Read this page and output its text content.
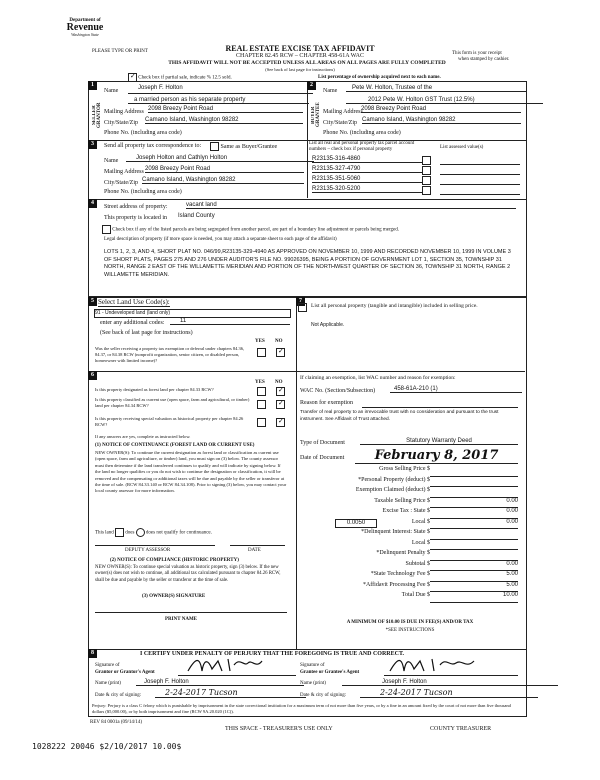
Department of
Revenue
Washington State
PLEASE TYPE OR PRINT	REAL ESTATE EXCISE TAX AFFIDAVIT
CHAPTER 82.45 RCW – CHAPTER 458-61A WAC
THIS AFFIDAVIT WILL NOT BE ACCEPTED UNLESS ALL AREAS ON ALL PAGES ARE FULLY COMPLETED
(See back of last page for instructions)
This form is your receipt
when stamped by cashier.
✓ Check box if partial sale, indicate % 12.5 sold.	List percentage of ownership acquired next to each name.
1
SELLER GRANTOR
Name	Joseph F. Holton
a married person as his separate property
Mailing Address 2098 Breezy Point Road
City/State/Zip Camano Island, Washington 98282
Phone No. (including area code)
2
BUYER GRANTEE
Name	Pete W. Holton, Trustee of the
2012 Pete W. Holton GST Trust (12.5%)
Mailing Address
2098 Breezy Point Road
City/State/Zip Camano Island, Washington 98282
Phone No. (including area code)
3	Send all property tax correspondence to:	Same as Buyer/Grantee
Name	Joseph Holton and Cathlyn Holton
Mailing Address 2098 Breezy Point Road
City/State/Zip Camano Island, Washington 98282
Phone No. (including area code)
List all real and personal property tax parcel account numbers – check box if personal property	List assessed value(s)
R23135-316-4860
R23135-327-4790
R23135-351-5060
R23135-320-5200
4
Street address of property:	vacant land
This property is located in Island County
Check box if any of the listed parcels are being segregated from another parcel, are part of a boundary line adjustment or parcels being merged.
Legal description of property (if more space is needed, you may attach a separate sheet to each page of the affidavit)
LOTS 1, 2, 3, AND 4, SHORT PLAT NO. 046/99,R23135-329-4940 AS APPROVED ON NOVEMBER 10, 1999 AND RECORDED NOVEMBER 10, 1999 IN VOLUME 3 OF SHORT PLATS, PAGES 275 AND 276 UNDER AUDITOR'S FILE NO. 99026395, BEING A PORTION OF GOVERNMENT LOT 1, SECTION 35, TOWNSHIP 31 NORTH, RANGE 2 EAST OF THE WILLAMETTE MERIDIAN AND PORTION OF THE NORTHWEST QUARTER OF SECTION 36, TOWNSHIP 31 NORTH, RANGE 2 WILLAMETTE MERIDIAN.
5 Select Land Use Code(s):
91 - Undeveloped land (land only)
enter any additional codes:	11
(See back of last page for instructions)
YES NO
Was the seller receiving a property tax exemption or deferral under chapters 84.36, 84.37, or 84.38 RCW (nonprofit organization, senior citizen, or disabled person, homeowner with limited income)?
✓
6
YES NO
Is this property designated as forest land per chapter 84.33 RCW?	✓
Is this property classified as current use (open space, farm and agricultural, or timber) land per chapter 84.34 RCW?	✓
Is this property receiving special valuation as historical property per chapter 84.26 RCW?	✓
If any answers are yes, complete as instructed below.
(1) NOTICE OF CONTINUANCE (FOREST LAND OR CURRENT USE)
NEW OWNER(S): To continue the current designation as forest land or classification as current use (open space, farm and agriculture, or timber) land, you must sign on (3) below. The county assessor must then determine if the land transferred continues to qualify and will indicate by signing below. If the land no longer qualifies or you do not wish to continue the designation or classification, it will be removed and the compensating or additional taxes will be due and payable by the seller or transferor at the time of sale. (RCW 84.33.140 or RCW 84.34.108). Prior to signing (3) below, you may contact your local county assessor for more information.
This land does does not qualify for continuance.
DEPUTY ASSESSOR	DATE
(2) NOTICE OF COMPLIANCE (HISTORIC PROPERTY)
NEW OWNER(S): To continue special valuation as historic property, sign (3) below. If the new owner(s) does not wish to continue, all additional tax calculated pursuant to chapter 84.26 RCW, shall be due and payable by the seller or transferor at the time of sale.
(3) OWNER(S) SIGNATURE
PRINT NAME
7
List all personal property (tangible and intangible) included in selling price.
Not Applicable.
If claiming an exemption, list WAC number and reason for exemption:
WAC No. (Section/Subsection)	458-61A-210 (1)
Reason for exemption
Transfer of real property to an irrevocable trust with no consideration and pursuant to the trust instrument. See Affidavit of Trust attached.
Type of Document	Statutory Warranty Deed
Date of Document	February 8, 2017
Gross Selling Price $
*Personal Property (deduct) $
Exemption Claimed (deduct) $
Taxable Selling Price $	0.00
Excise Tax : State $	0.00
0.0050	Local $	0.00
*Delinquent Interest: State $
Local $
*Delinquent Penalty $
Subtotal $	0.00
*State Technology Fee $	5.00
*Affidavit Processing Fee $	5.00
Total Due $	10.00
A MINIMUM OF $10.00 IS DUE IN FEE(S) AND/OR TAX
*SEE INSTRUCTIONS
8	I CERTIFY UNDER PENALTY OF PERJURY THAT THE FOREGOING IS TRUE AND CORRECT.
Signature of
Grantor or Grantor's Agent
Signature of
Grantee or Grantee's Agent
Name (print)	Joseph F. Holton	Name (print)	Joseph F. Holton
Date & city of signing:	2-24-2017 Tucson	Date & city of signing:	2-24-2017 Tucson
Perjury: Perjury is a class C felony which is punishable by imprisonment in the state correctional institution for a maximum term of not more than five years, or by a fine in an amount fixed by the court of not more than five thousand dollars ($5,000.00), or by both imprisonment and fine (RCW 9A.20.020 (1C)).
REV 84 0001a (09/14/14)
THIS SPACE - TREASURER'S USE ONLY	COUNTY TREASURER
1028222 20046 $2/10/2017 10.00$
